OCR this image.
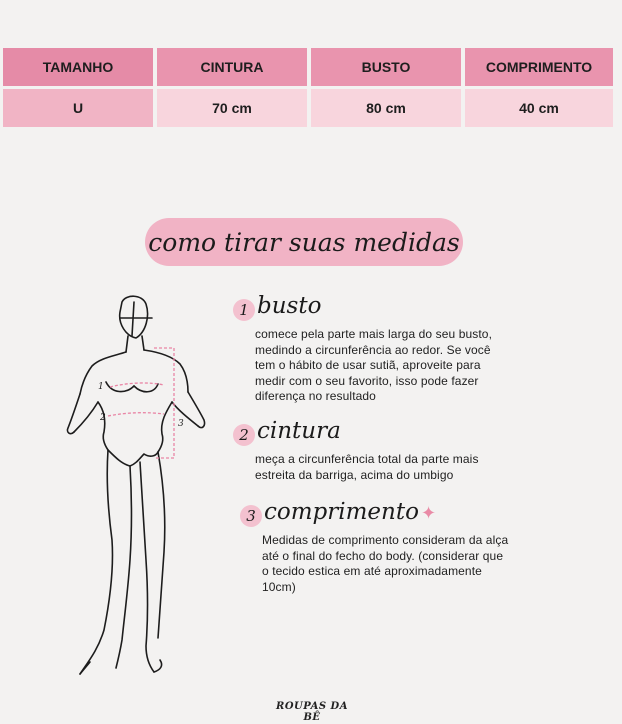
TAMANHO	CINTURA	BUSTO	COMPRIMENTO
U	70 cm	80 cm	40 cm
como tirar suas medidas
1
2
3
1 busto
comece pela parte mais larga do seu busto,
medindo a circunferência ao redor. Se você
tem o hábito de usar sutiã, aproveite para
medir com o seu favorito, isso pode fazer
diferença no resultado
2 cintura
meça a circunferência total da parte mais
estreita da barriga, acima do umbigo
3 comprimento ✦
Medidas de comprimento consideram da alça
até o final do fecho do body. (considerar que
o tecido estica em até aproximadamente
10cm)
ROUPAS DA BÊ
